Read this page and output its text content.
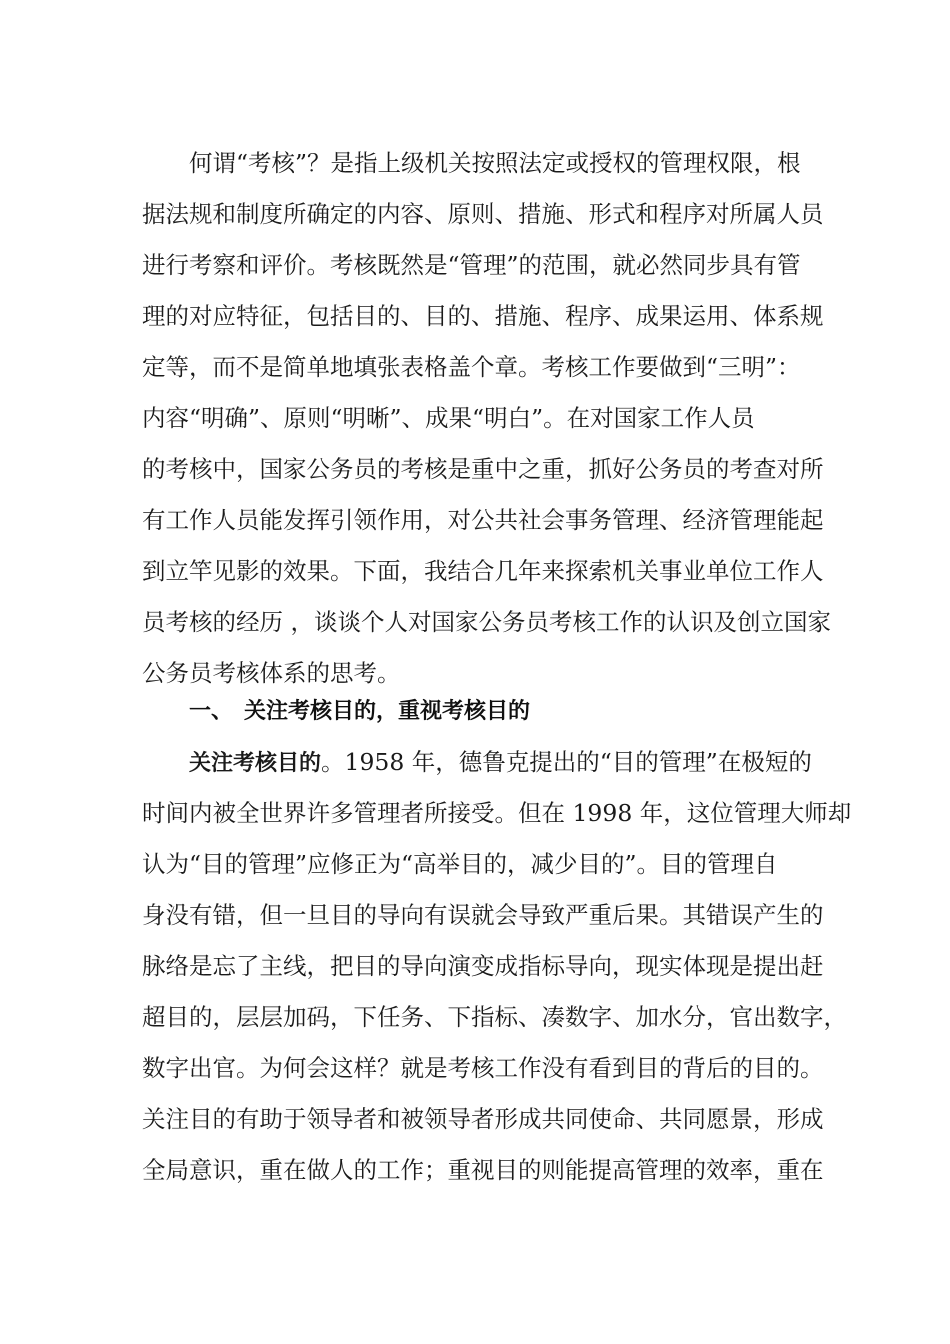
何谓“考核”？是指上级机关按照法定或授权的管理权限，根
据法规和制度所确定的内容、原则、措施、形式和程序对所属人员
进行考察和评价。考核既然是“管理”的范围，就必然同步具有管
理的对应特征，包括目的、目的、措施、程序、成果运用、体系规
定等，而不是简单地填张表格盖个章。考核工作要做到“三明”：
内容“明确”、原则“明晰”、成果“明白”。在对国家工作人员
的考核中，国家公务员的考核是重中之重，抓好公务员的考查对所
有工作人员能发挥引领作用，对公共社会事务管理、经济管理能起
到立竿见影的效果。下面，我结合几年来探索机关事业单位工作人
员考核的经历 ，谈谈个人对国家公务员考核工作的认识及创立国家
公务员考核体系的思考。
一、 关注考核目的，重视考核目的
关注考核目的。1958 年，德鲁克提出的“目的管理”在极短的
时间内被全世界许多管理者所接受。但在 1998 年，这位管理大师却
认为“目的管理”应修正为“高举目的，减少目的”。目的管理自
身没有错，但一旦目的导向有误就会导致严重后果。其错误产生的
脉络是忘了主线，把目的导向演变成指标导向，现实体现是提出赶
超目的，层层加码，下任务、下指标、凑数字、加水分，官出数字，
数字出官。为何会这样？就是考核工作没有看到目的背后的目的。
关注目的有助于领导者和被领导者形成共同使命、共同愿景，形成
全局意识，重在做人的工作；重视目的则能提高管理的效率，重在
